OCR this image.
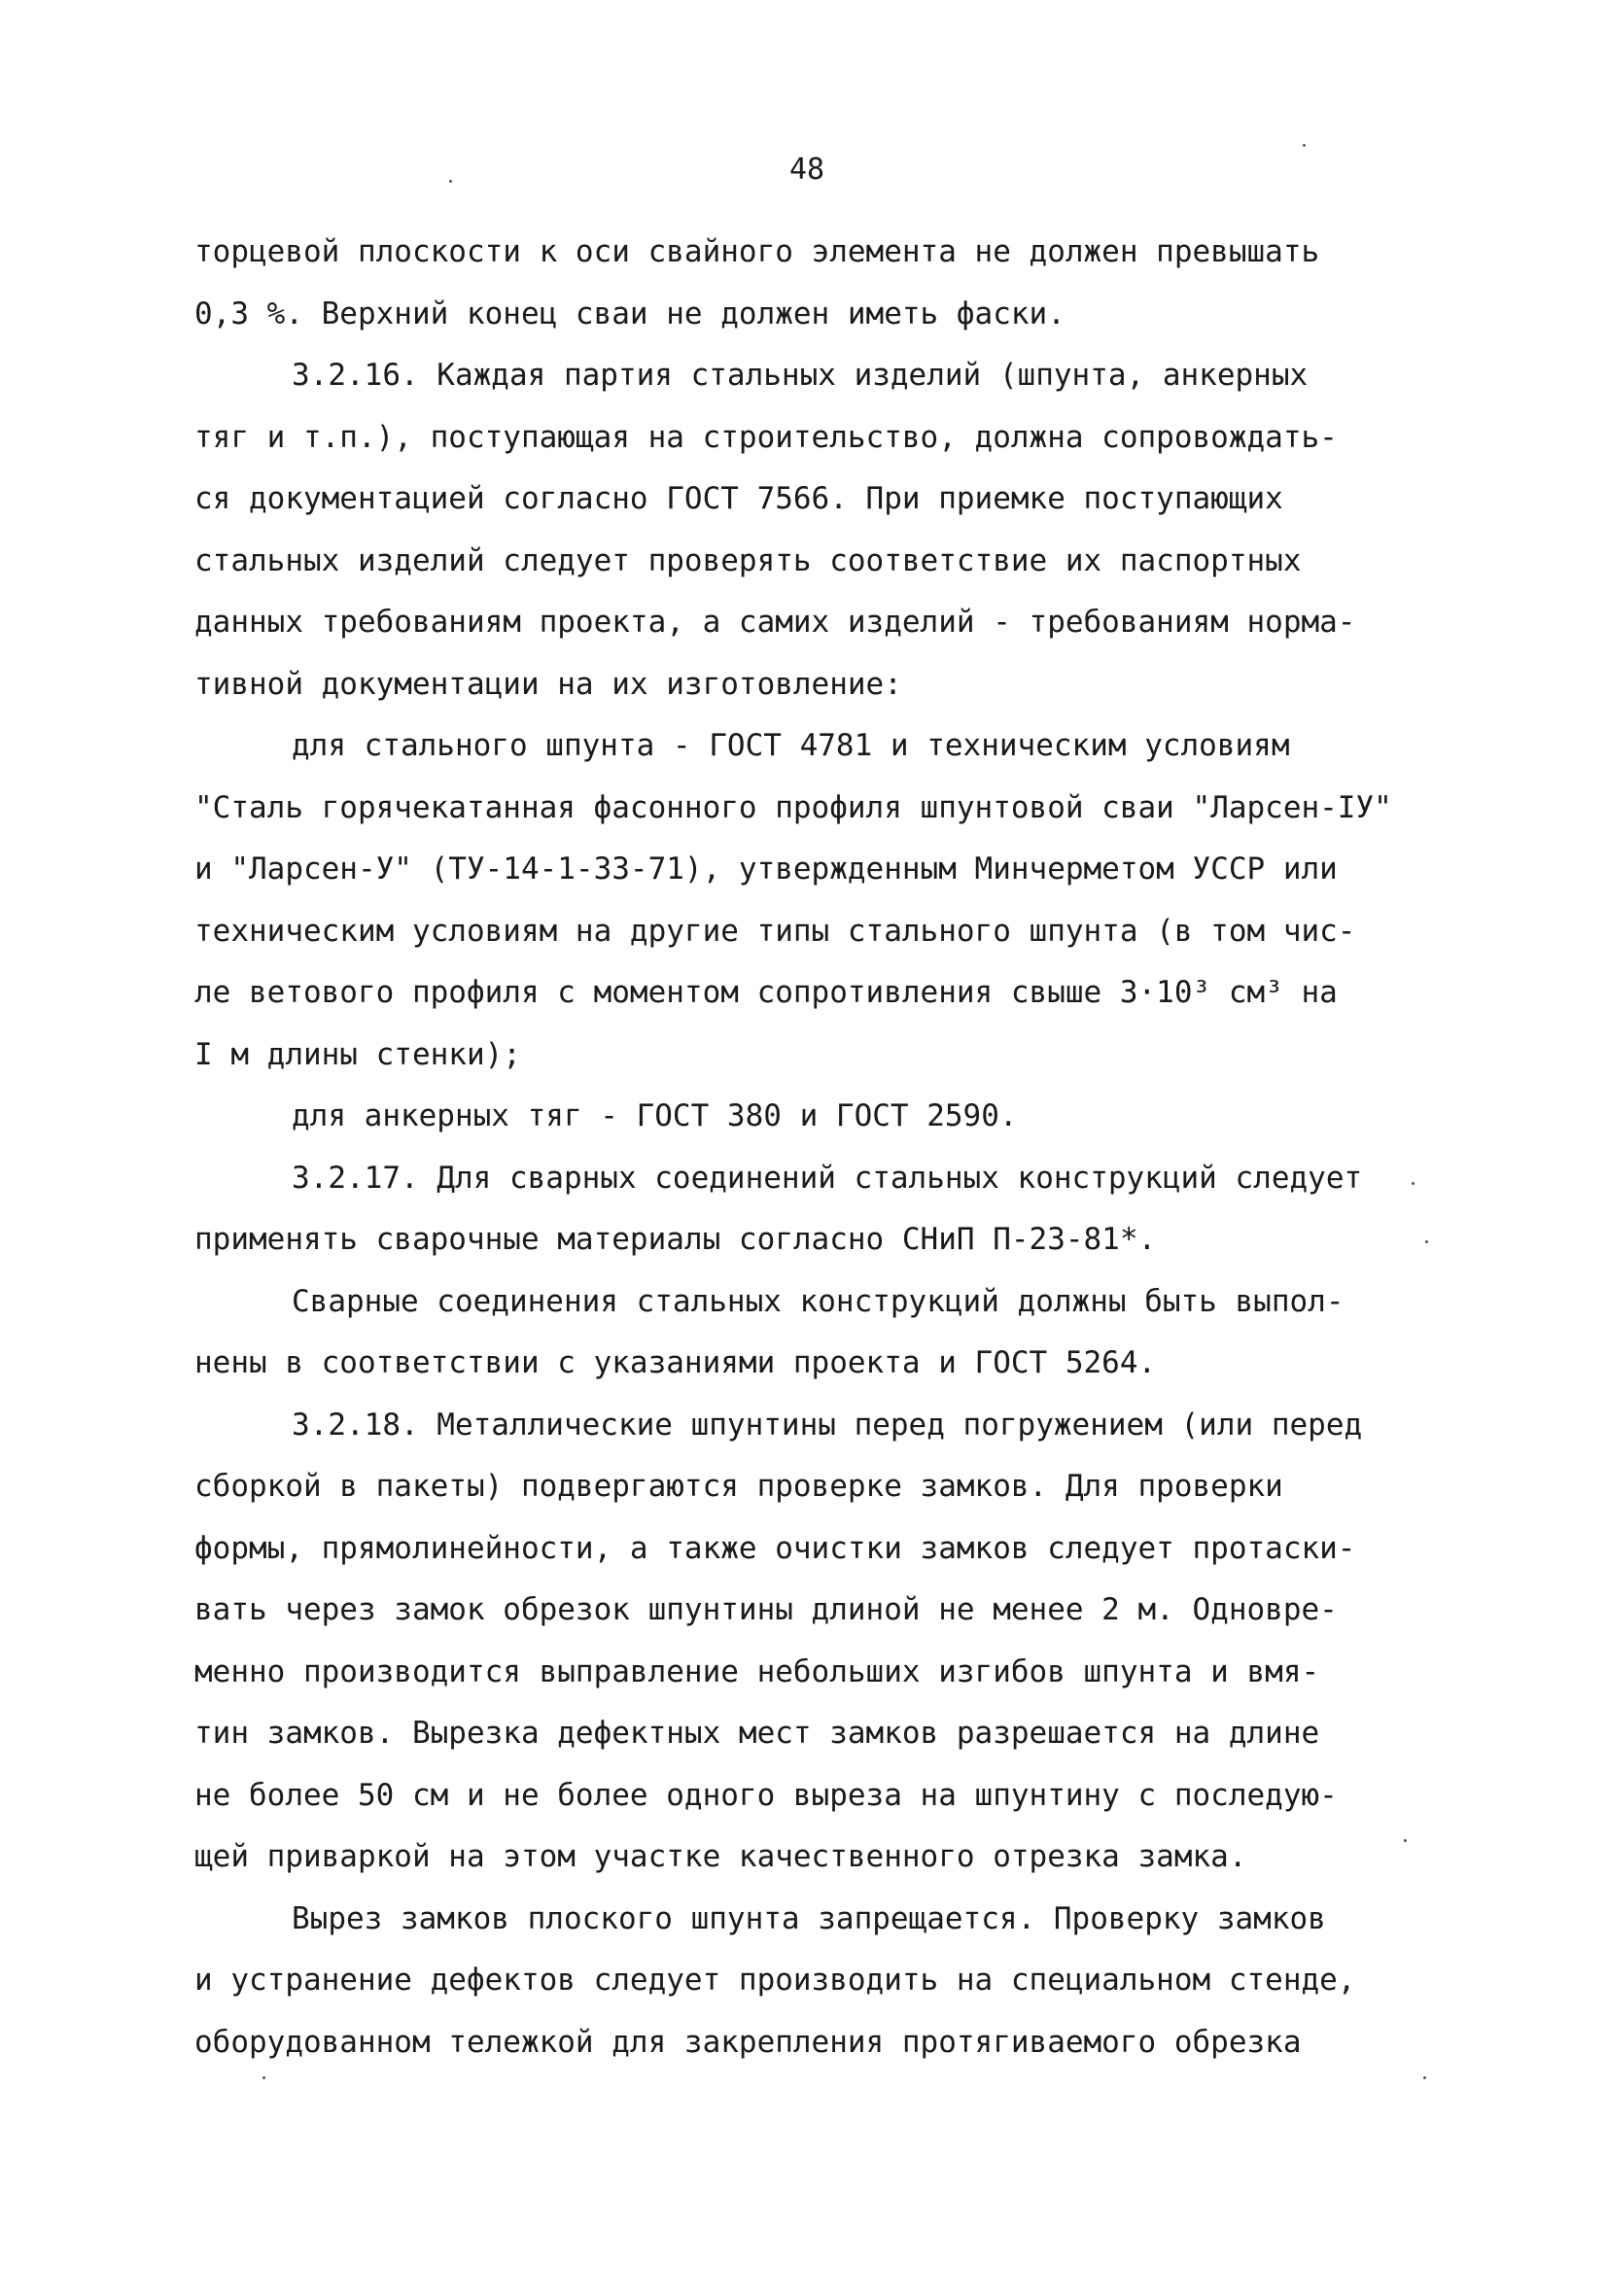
48
торцевой плоскости к оси свайного элемента не должен превышать
0,3 %. Верхний конец сваи не должен иметь фаски.
3.2.16. Каждая партия стальных изделий (шпунта, анкерных
тяг и т.п.), поступающая на строительство, должна сопровождать-
ся документацией согласно ГОСТ 7566. При приемке поступающих
стальных изделий следует проверять соответствие их паспортных
данных требованиям проекта, а самих изделий - требованиям норма-
тивной документации на их изготовление:
для стального шпунта - ГОСТ 4781 и техническим условиям
"Сталь горячекатанная фасонного профиля шпунтовой сваи "Ларсен-IУ"
и "Ларсен-У" (ТУ-14-1-33-71), утвержденным Минчерметом УССР или
техническим условиям на другие типы стального шпунта (в том чис-
ле ветового профиля с моментом сопротивления свыше 3·10³ см³ на
I м длины стенки);
для анкерных тяг - ГОСТ 380 и ГОСТ 2590.
3.2.17. Для сварных соединений стальных конструкций следует
применять сварочные материалы согласно СНиП П-23-81*.
Сварные соединения стальных конструкций должны быть выпол-
нены в соответствии с указаниями проекта и ГОСТ 5264.
3.2.18. Металлические шпунтины перед погружением (или перед
сборкой в пакеты) подвергаются проверке замков. Для проверки
формы, прямолинейности, а также очистки замков следует протаски-
вать через замок обрезок шпунтины длиной не менее 2 м. Одновре-
менно производится выправление небольших изгибов шпунта и вмя-
тин замков. Вырезка дефектных мест замков разрешается на длине
не более 50 см и не более одного выреза на шпунтину с последую-
щей приваркой на этом участке качественного отрезка замка.
Вырез замков плоского шпунта запрещается. Проверку замков
и устранение дефектов следует производить на специальном стенде,
оборудованном тележкой для закрепления протягиваемого обрезка
